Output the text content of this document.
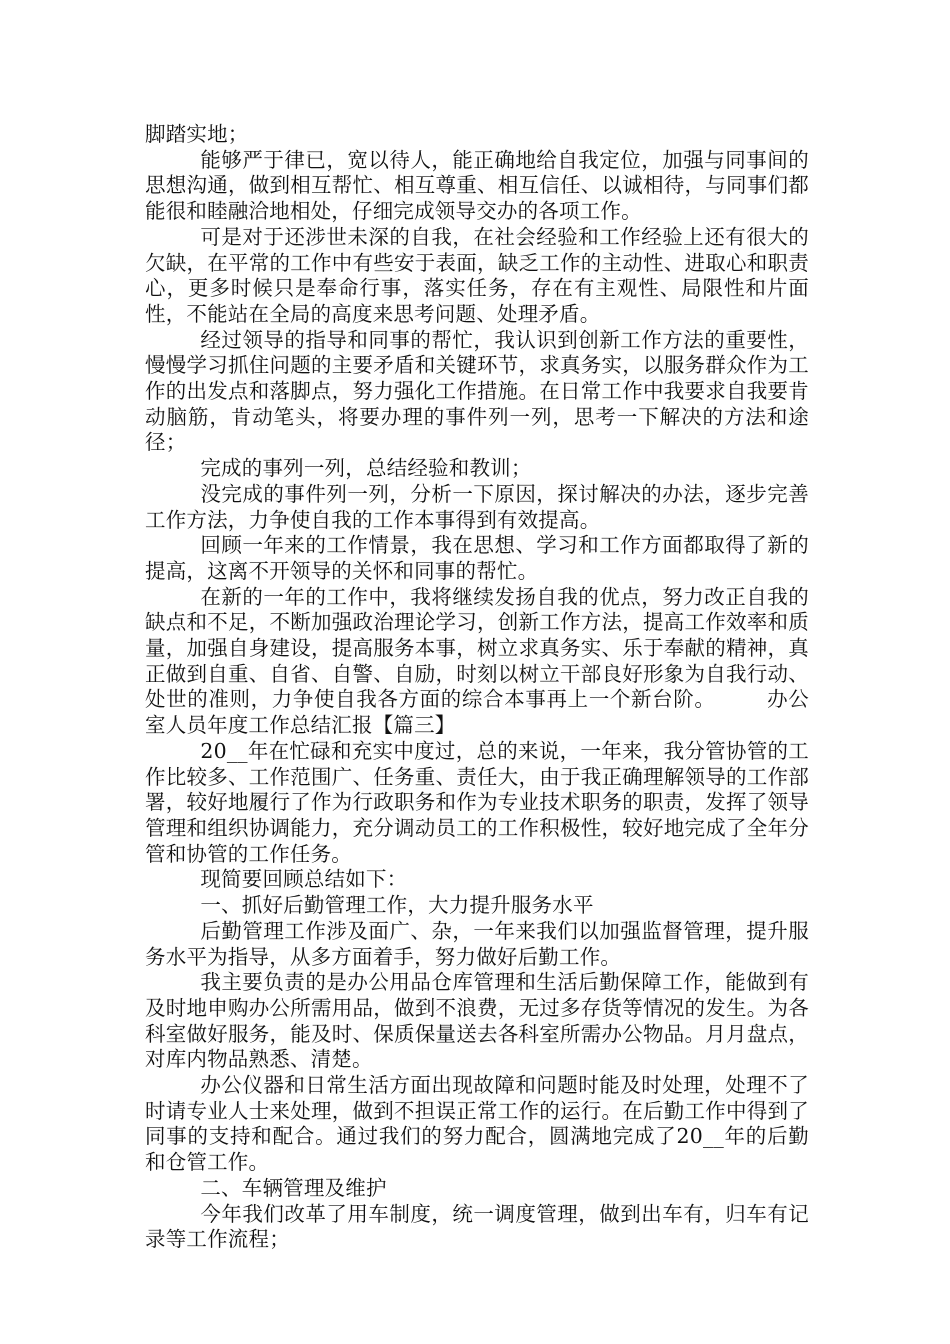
脚踏实地；

能够严于律已，宽以待人，能正确地给自我定位，加强与同事间的思想沟通，做到相互帮忙、相互尊重、相互信任、以诚相待，与同事们都能很和睦融洽地相处，仔细完成领导交办的各项工作。

可是对于还涉世未深的自我，在社会经验和工作经验上还有很大的欠缺，在平常的工作中有些安于表面，缺乏工作的主动性、进取心和职责心，更多时候只是奉命行事，落实任务，存在有主观性、局限性和片面性，不能站在全局的高度来思考问题、处理矛盾。

经过领导的指导和同事的帮忙，我认识到创新工作方法的重要性，慢慢学习抓住问题的主要矛盾和关键环节，求真务实，以服务群众作为工作的出发点和落脚点，努力强化工作措施。在日常工作中我要求自我要肯动脑筋，肯动笔头，将要办理的事件列一列，思考一下解决的方法和途径；

完成的事列一列，总结经验和教训；

没完成的事件列一列，分析一下原因，探讨解决的办法，逐步完善工作方法，力争使自我的工作本事得到有效提高。

回顾一年来的工作情景，我在思想、学习和工作方面都取得了新的提高，这离不开领导的关怀和同事的帮忙。

在新的一年的工作中，我将继续发扬自我的优点，努力改正自我的缺点和不足，不断加强政治理论学习，创新工作方法，提高工作效率和质量，加强自身建设，提高服务本事，树立求真务实、乐于奉献的精神，真正做到自重、自省、自警、自励，时刻以树立干部良好形象为自我行动、处世的准则，力争使自我各方面的综合本事再上一个新台阶。	办公室人员年度工作总结汇报【篇三】

20__年在忙碌和充实中度过，总的来说，一年来，我分管协管的工作比较多、工作范围广、任务重、责任大，由于我正确理解领导的工作部署，较好地履行了作为行政职务和作为专业技术职务的职责，发挥了领导管理和组织协调能力，充分调动员工的工作积极性，较好地完成了全年分管和协管的工作任务。

现简要回顾总结如下：

一、抓好后勤管理工作，大力提升服务水平

后勤管理工作涉及面广、杂，一年来我们以加强监督管理，提升服务水平为指导，从多方面着手，努力做好后勤工作。

我主要负责的是办公用品仓库管理和生活后勤保障工作，能做到有及时地申购办公所需用品，做到不浪费，无过多存货等情况的发生。为各科室做好服务，能及时、保质保量送去各科室所需办公物品。月月盘点，对库内物品熟悉、清楚。

办公仪器和日常生活方面出现故障和问题时能及时处理，处理不了时请专业人士来处理，做到不担误正常工作的运行。在后勤工作中得到了同事的支持和配合。通过我们的努力配合，圆满地完成了20__年的后勤和仓管工作。

二、车辆管理及维护

今年我们改革了用车制度，统一调度管理，做到出车有，归车有记录等工作流程；
